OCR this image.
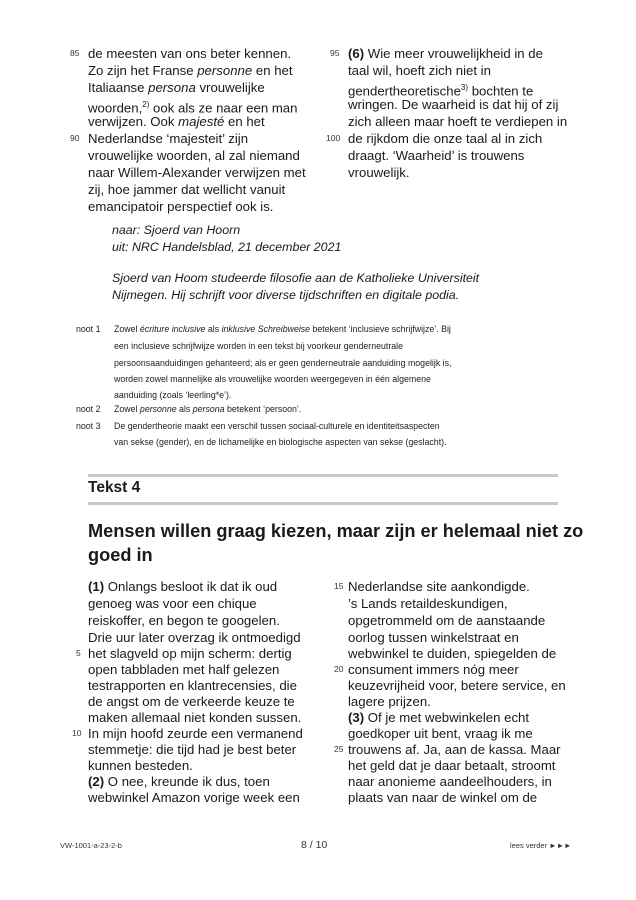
85
90
de meesten van ons beter kennen.
Zo zijn het Franse personne en het
Italiaanse persona vrouwelijke
woorden,$^{2)}$ ook als ze naar een man
verwijzen. Ook majesté en het
Nederlandse ‘majesteit’ zijn
vrouwelijke woorden, al zal niemand
naar Willem-Alexander verwijzen met
zij, hoe jammer dat wellicht vanuit
emancipatoir perspectief ook is.
95
100
(6) Wie meer vrouwelijkheid in de
taal wil, hoeft zich niet in
gendertheoretische$^{3)}$ bochten te
wringen. De waarheid is dat hij of zij
zich alleen maar hoeft te verdiepen in
de rijkdom die onze taal al in zich
draagt. ‘Waarheid’ is trouwens
vrouwelijk.
naar: Sjoerd van Hoorn
uit: NRC Handelsblad, 21 december 2021
Sjoerd van Hoom studeerde filosofie aan de Katholieke Universiteit
Nijmegen. Hij schrijft voor diverse tijdschriften en digitale podia.
noot 1 Zowel écriture inclusive als inklusive Schreibweise betekent ‘inclusieve schrijfwijze’. Bij
een inclusieve schrijfwijze worden in een tekst bij voorkeur genderneutrale
persoonsaanduidingen gehanteerd; als er geen genderneutrale aanduiding mogelijk is,
worden zowel mannelijke als vrouwelijke woorden weergegeven in één algemene
aanduiding (zoals ‘leerling*e’).
noot 2 Zowel personne als persona betekent ‘persoon’.
noot 3 De gendertheorie maakt een verschil tussen sociaal-culturele en identiteitsaspecten
van sekse (gender), en de lichamelijke en biologische aspecten van sekse (geslacht).
Tekst 4
Mensen willen graag kiezen, maar zijn er helemaal niet zo
goed in
5
10
(1) Onlangs besloot ik dat ik oud
genoeg was voor een chique
reiskoffer, en begon te googelen.
Drie uur later overzag ik ontmoedigd
het slagveld op mijn scherm: dertig
open tabbladen met half gelezen
testrapporten en klantrecensies, die
de angst om de verkeerde keuze te
maken allemaal niet konden sussen.
In mijn hoofd zeurde een vermanend
stemmetje: die tijd had je best beter
kunnen besteden.
(2) O nee, kreunde ik dus, toen
webwinkel Amazon vorige week een
15
20
25
Nederlandse site aankondigde.
’s Lands retaildeskundigen,
opgetrommeld om de aanstaande
oorlog tussen winkelstraat en
webwinkel te duiden, spiegelden de
consument immers nóg meer
keuzevrijheid voor, betere service, en
lagere prijzen.
(3) Of je met webwinkelen echt
goedkoper uit bent, vraag ik me
trouwens af. Ja, aan de kassa. Maar
het geld dat je daar betaalt, stroomt
naar anonieme aandeelhouders, in
plaats van naar de winkel om de
VW-1001-a-23-2-b	8 / 10	lees verder ►►►
